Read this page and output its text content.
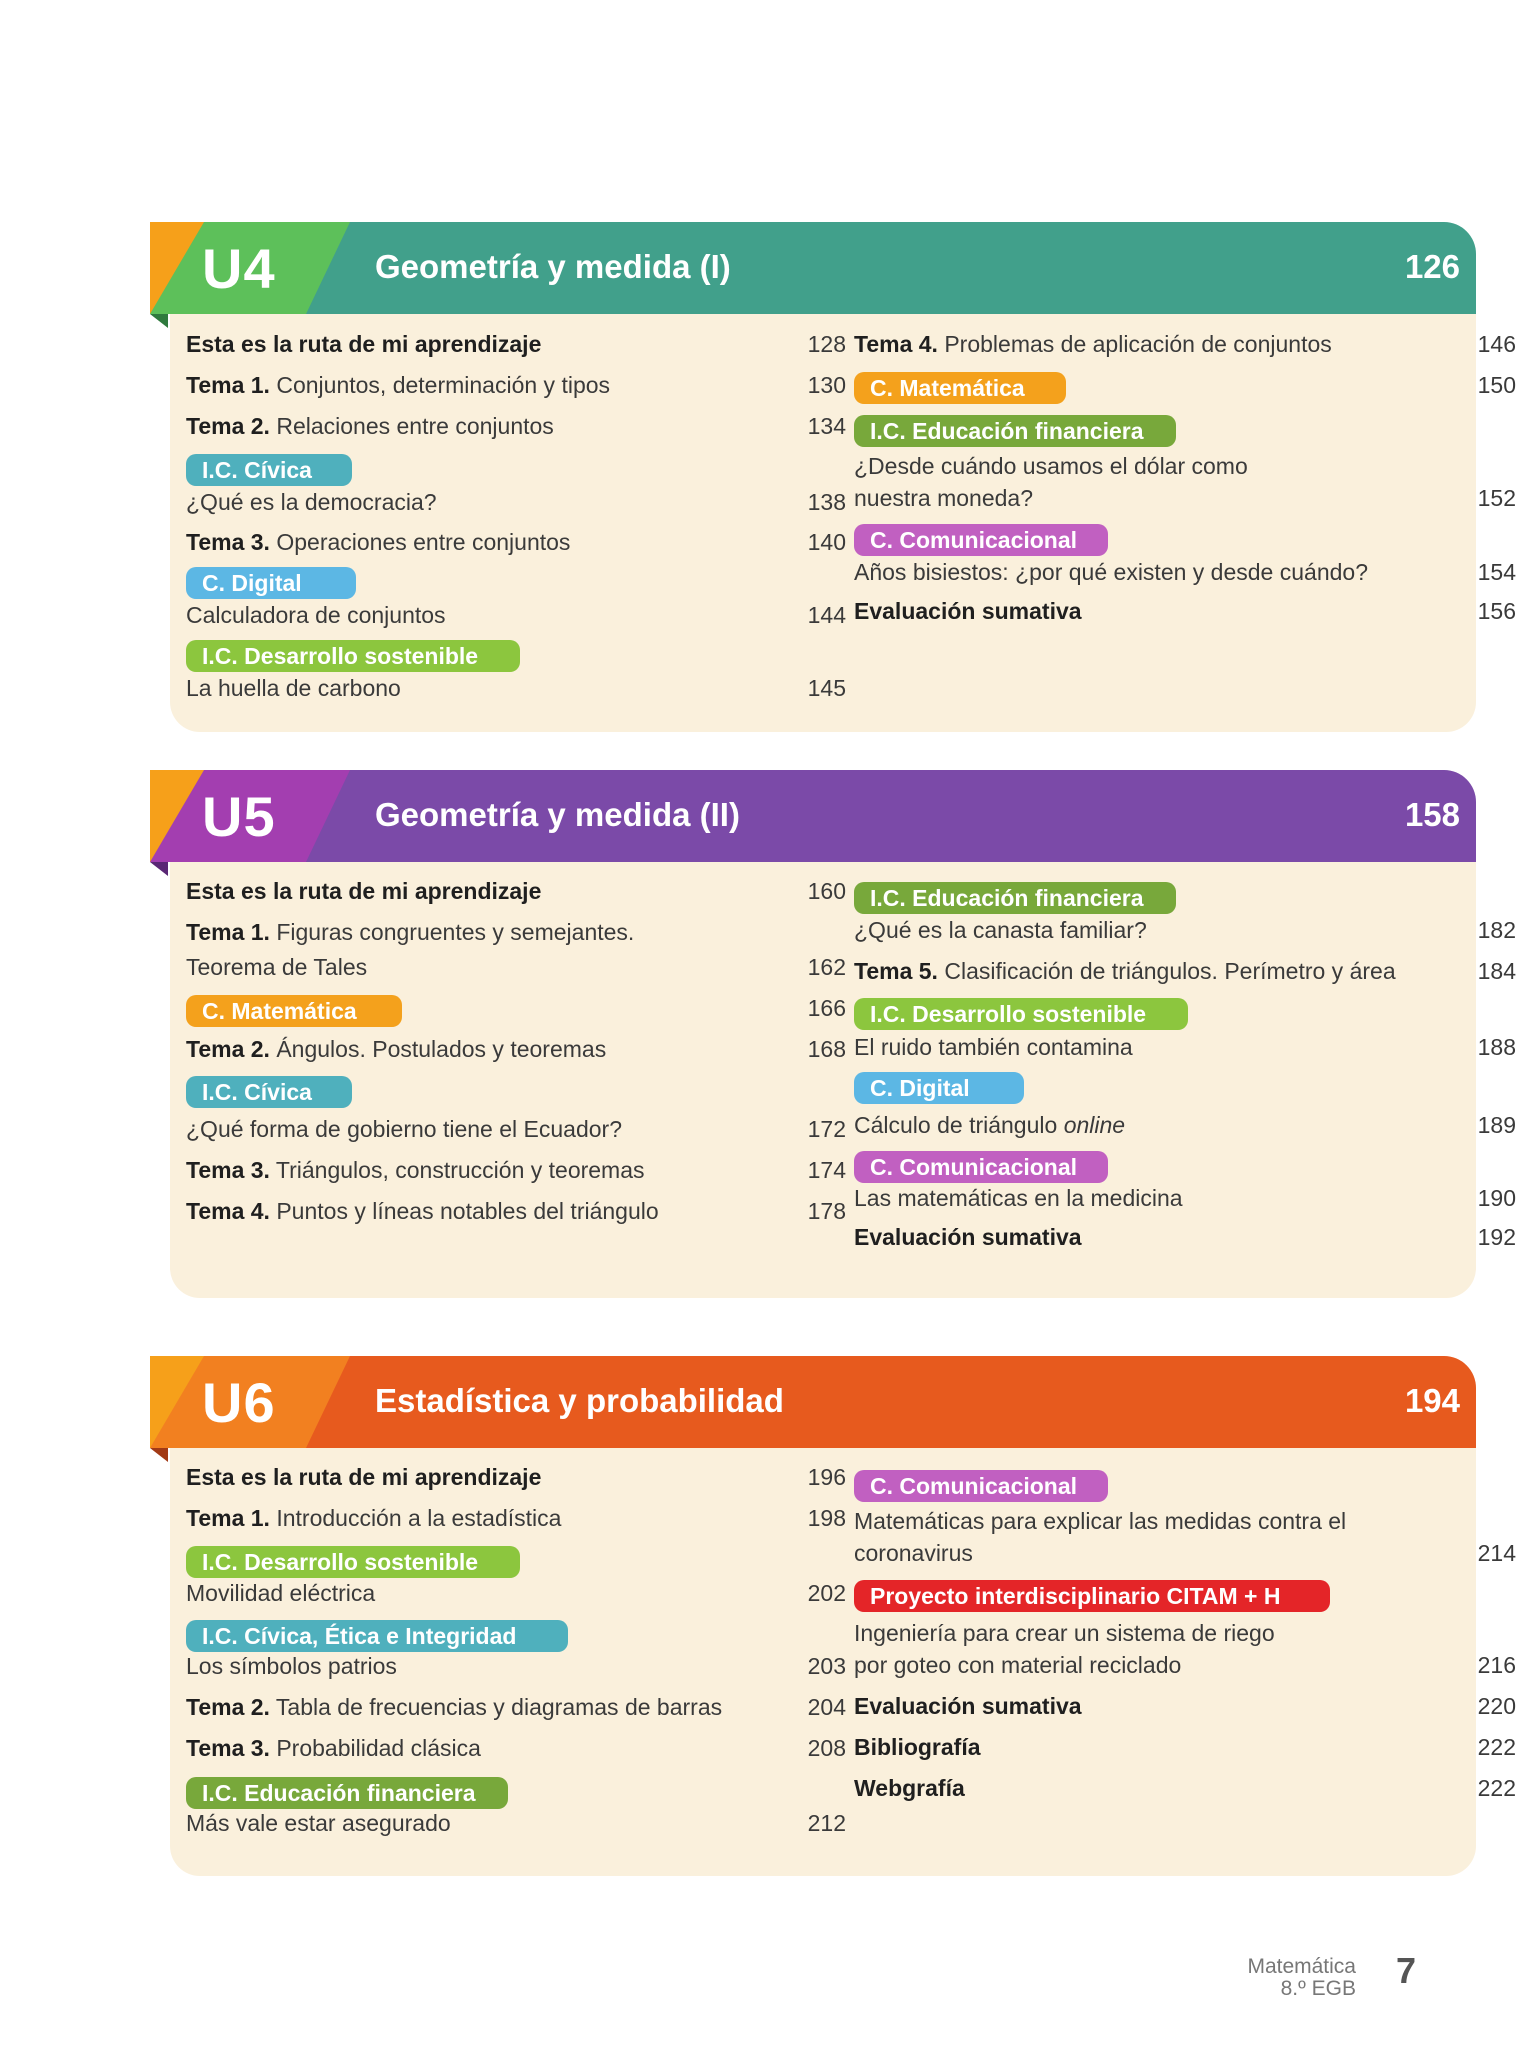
U4	Geometría y medida (I)	126
Esta es la ruta de mi aprendizaje	128
Tema 1. Conjuntos, determinación y tipos	130
Tema 2. Relaciones entre conjuntos	134
I.C. Cívica
¿Qué es la democracia?	138
Tema 3. Operaciones entre conjuntos	140
C. Digital
Calculadora de conjuntos	144
I.C. Desarrollo sostenible
La huella de carbono	145
Tema 4. Problemas de aplicación de conjuntos	146
C. Matemática	150
I.C. Educación financiera
¿Desde cuándo usamos el dólar como
nuestra moneda?	152
C. Comunicacional
Años bisiestos: ¿por qué existen y desde cuándo?	154
Evaluación sumativa	156
U5	Geometría y medida (II)	158
Esta es la ruta de mi aprendizaje	160
Tema 1. Figuras congruentes y semejantes.
Teorema de Tales	162
C. Matemática	166
Tema 2. Ángulos. Postulados y teoremas	168
I.C. Cívica
¿Qué forma de gobierno tiene el Ecuador?	172
Tema 3. Triángulos, construcción y teoremas	174
Tema 4. Puntos y líneas notables del triángulo	178
I.C. Educación financiera
¿Qué es la canasta familiar?	182
Tema 5. Clasificación de triángulos. Perímetro y área	184
I.C. Desarrollo sostenible
El ruido también contamina	188
C. Digital
Cálculo de triángulo online	189
C. Comunicacional
Las matemáticas en la medicina	190
Evaluación sumativa	192
U6	Estadística y probabilidad	194
Esta es la ruta de mi aprendizaje	196
Tema 1. Introducción a la estadística	198
I.C. Desarrollo sostenible
Movilidad eléctrica	202
I.C. Cívica, Ética e Integridad
Los símbolos patrios	203
Tema 2. Tabla de frecuencias y diagramas de barras	204
Tema 3. Probabilidad clásica	208
I.C. Educación financiera
Más vale estar asegurado	212
C. Comunicacional
Matemáticas para explicar las medidas contra el
coronavirus	214
Proyecto interdisciplinario CITAM + H
Ingeniería para crear un sistema de riego
por goteo con material reciclado	216
Evaluación sumativa	220
Bibliografía	222
Webgrafía	222
Matemática
8.º EGB 7
